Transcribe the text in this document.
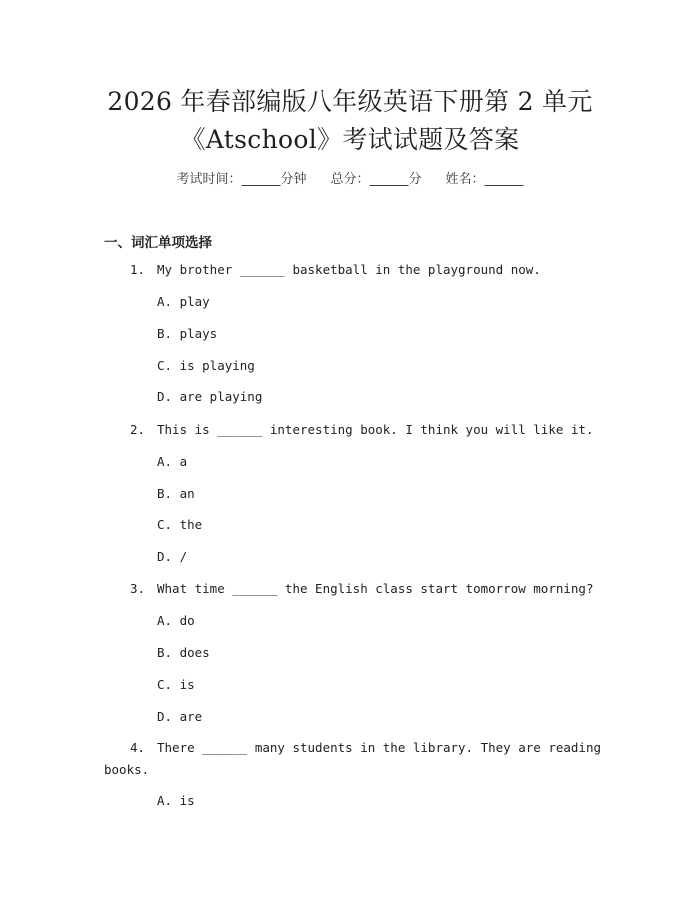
2026 年春部编版八年级英语下册第 2 单元
《Atschool》考试试题及答案
考试时间：______分钟 总分：______分 姓名：______
一、词汇单项选择
1. My brother ______ basketball in the playground now.
A. play
B. plays
C. is playing
D. are playing
2. This is ______ interesting book. I think you will like it.
A. a
B. an
C. the
D. /
3. What time ______ the English class start tomorrow morning?
A. do
B. does
C. is
D. are
4. There ______ many students in the library. They are reading
books.
A. is
